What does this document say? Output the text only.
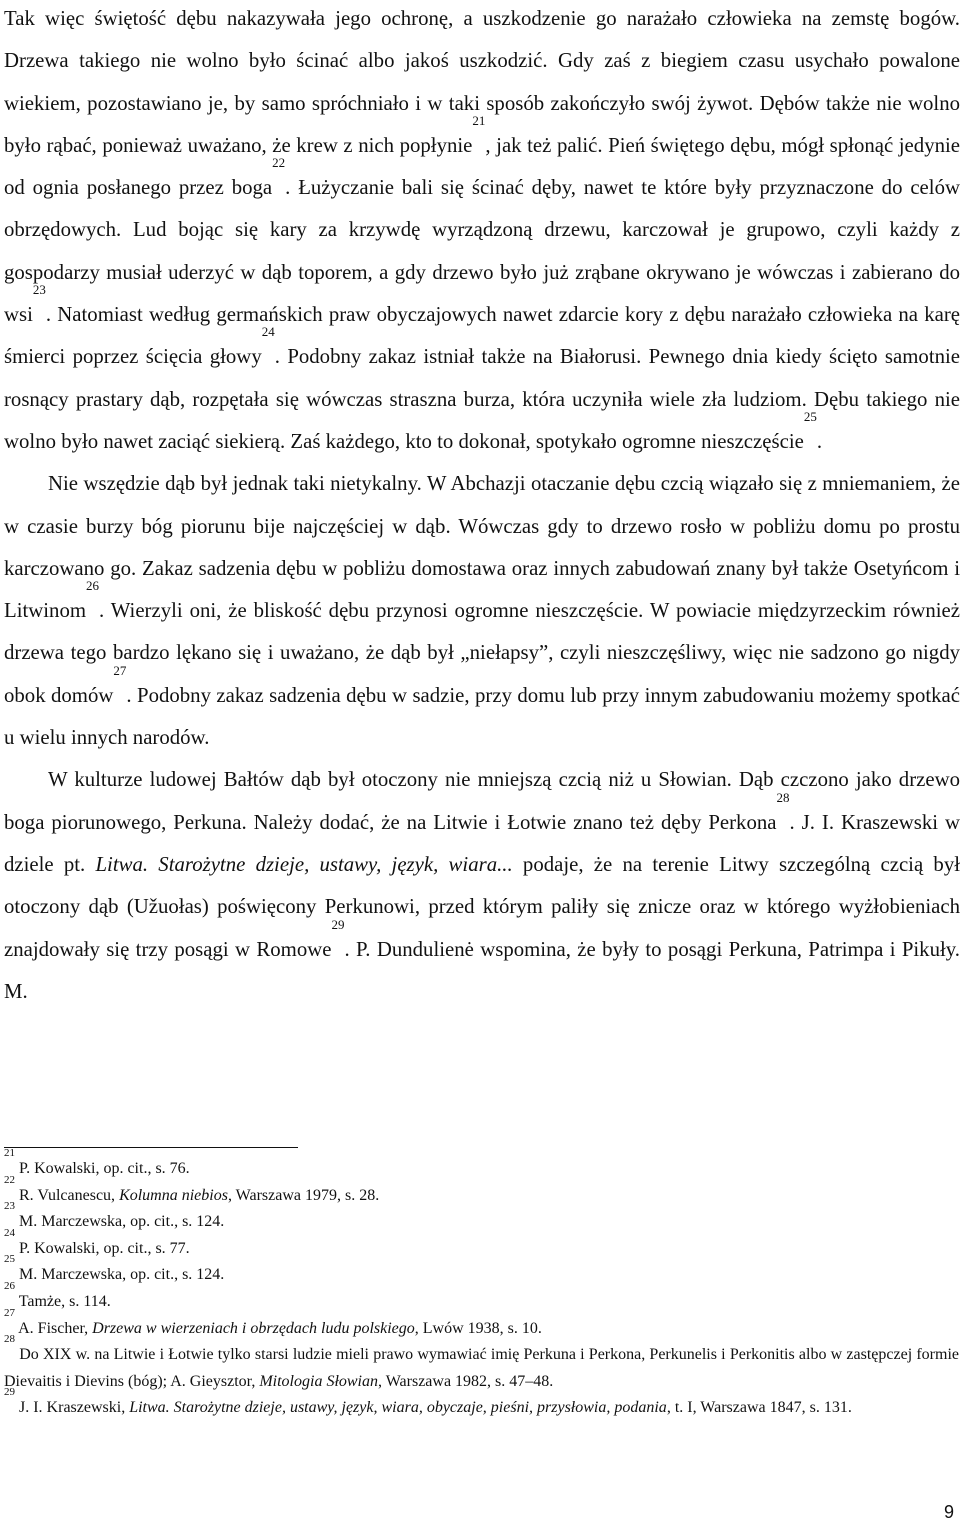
Tak więc świętość dębu nakazywała jego ochronę, a uszkodzenie go narażało człowieka na zemstę bogów. Drzewa takiego nie wolno było ścinać albo jakoś uszkodzić. Gdy zaś z biegiem czasu usychało powalone wiekiem, pozostawiano je, by samo spróchniało i w taki sposób zakończyło swój żywot. Dębów także nie wolno było rąbać, ponieważ uważano, że krew z nich popłynie$^{21}$, jak też palić. Pień świętego dębu, mógł spłonąć jedynie od ognia posłanego przez boga$^{22}$. Łużyczanie bali się ścinać dęby, nawet te które były przyznaczone do celów obrzędowych. Lud bojąc się kary za krzywdę wyrządzoną drzewu, karczował je grupowo, czyli każdy z gospodarzy musiał uderzyć w dąb toporem, a gdy drzewo było już zrąbane okrywano je wówczas i zabierano do wsi$^{23}$. Natomiast według germańskich praw obyczajowych nawet zdarcie kory z dębu narażało człowieka na karę śmierci poprzez ścięcia głowy$^{24}$. Podobny zakaz istniał także na Białorusi. Pewnego dnia kiedy ścięto samotnie rosnący prastary dąb, rozpętała się wówczas straszna burza, która uczyniła wiele zła ludziom. Dębu takiego nie wolno było nawet zaciąć siekierą. Zaś każdego, kto to dokonał, spotykało ogromne nieszczęście$^{25}$.

Nie wszędzie dąb był jednak taki nietykalny. W Abchazji otaczanie dębu czcią wiązało się z mniemaniem, że w czasie burzy bóg piorunu bije najczęściej w dąb. Wówczas gdy to drzewo rosło w pobliżu domu po prostu karczowano go. Zakaz sadzenia dębu w pobliżu domostawa oraz innych zabudowań znany był także Osetyńcom i Litwinom$^{26}$. Wierzyli oni, że bliskość dębu przynosi ogromne nieszczęście. W powiacie międzyrzeckim również drzewa tego bardzo lękano się i uważano, że dąb był „niełapsy”, czyli nieszczęśliwy, więc nie sadzono go nigdy obok domów$^{27}$. Podobny zakaz sadzenia dębu w sadzie, przy domu lub przy innym zabudowaniu możemy spotkać u wielu innych narodów.

W kulturze ludowej Bałtów dąb był otoczony nie mniejszą czcią niż u Słowian. Dąb czczono jako drzewo boga piorunowego, Perkuna. Należy dodać, że na Litwie i Łotwie znano też dęby Perkona$^{28}$. J. I. Kraszewski w dziele pt. Litwa. Starożytne dzieje, ustawy, język, wiara... podaje, że na terenie Litwy szczególną czcią był otoczony dąb (Užuołas) poświęcony Perkunowi, przed którym paliły się znicze oraz w którego wyżłobieniach znajdowały się trzy posągi w Romowe$^{29}$. P. Dundulienė wspomina, że były to posągi Perkuna, Patrimpa i Pikuły. M.

$^{21}$ P. Kowalski, op. cit., s. 76.

$^{22}$ R. Vulcanescu, Kolumna niebios, Warszawa 1979, s. 28.

$^{23}$ M. Marczewska, op. cit., s. 124.

$^{24}$ P. Kowalski, op. cit., s. 77.

$^{25}$ M. Marczewska, op. cit., s. 124.

$^{26}$ Tamże, s. 114.

$^{27}$ A. Fischer, Drzewa w wierzeniach i obrzędach ludu polskiego, Lwów 1938, s. 10.

$^{28}$ Do XIX w. na Litwie i Łotwie tylko starsi ludzie mieli prawo wymawiać imię Perkuna i Perkona, Perkunelis i Perkonitis albo w zastępczej formie Dievaitis i Dievins (bóg); A. Gieysztor, Mitologia Słowian, Warszawa 1982, s. 47–48.

$^{29}$ J. I. Kraszewski, Litwa. Starożytne dzieje, ustawy, język, wiara, obyczaje, pieśni, przysłowia, podania, t. I, Warszawa 1847, s. 131.

9
